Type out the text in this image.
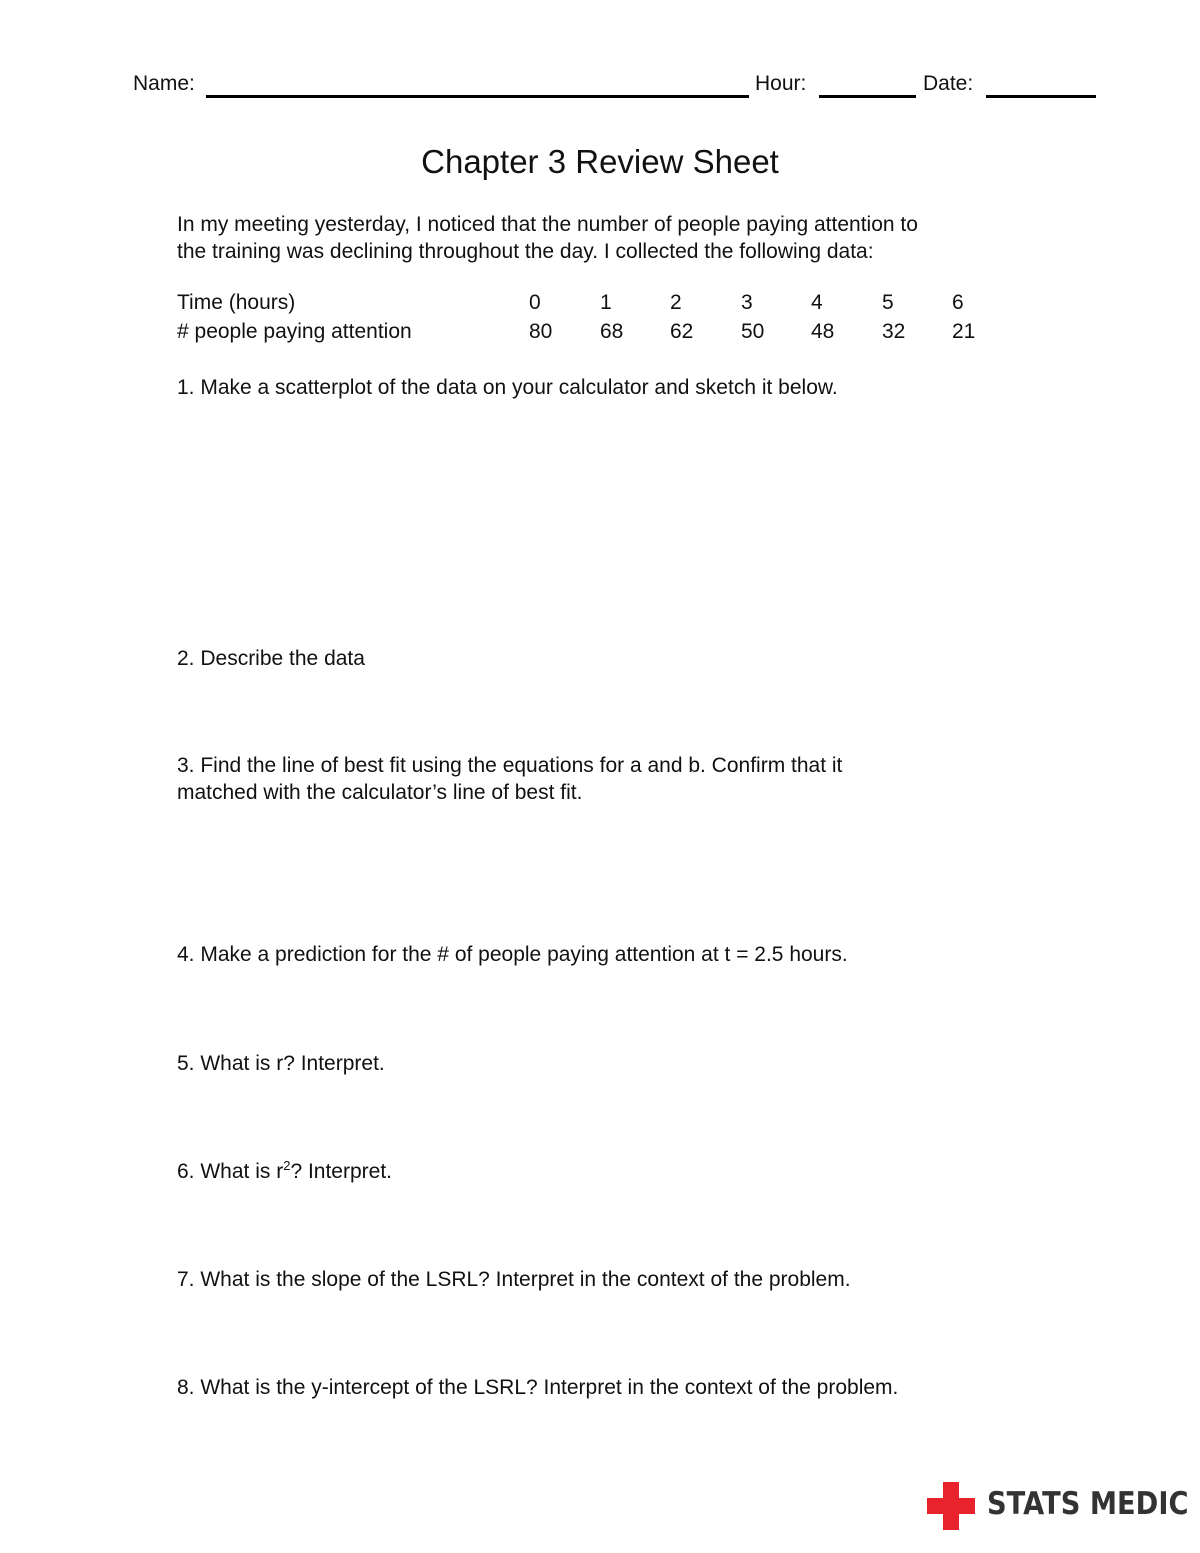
Name:	Hour:	Date:
Chapter 3 Review Sheet
In my meeting yesterday, I noticed that the number of people paying attention to
the training was declining throughout the day. I collected the following data:
Time (hours)	0	1	2	3	4	5	6
# people paying attention	80 68 62 50 48 32 21
1. Make a scatterplot of the data on your calculator and sketch it below.
2. Describe the data
3. Find the line of best fit using the equations for a and b. Confirm that it
matched with the calculator’s line of best fit.
4. Make a prediction for the # of people paying attention at t = 2.5 hours.
5. What is r? Interpret.
6. What is $r^2$? Interpret.
7. What is the slope of the LSRL? Interpret in the context of the problem.
8. What is the y-intercept of the LSRL? Interpret in the context of the problem.
STATS MEDIC
